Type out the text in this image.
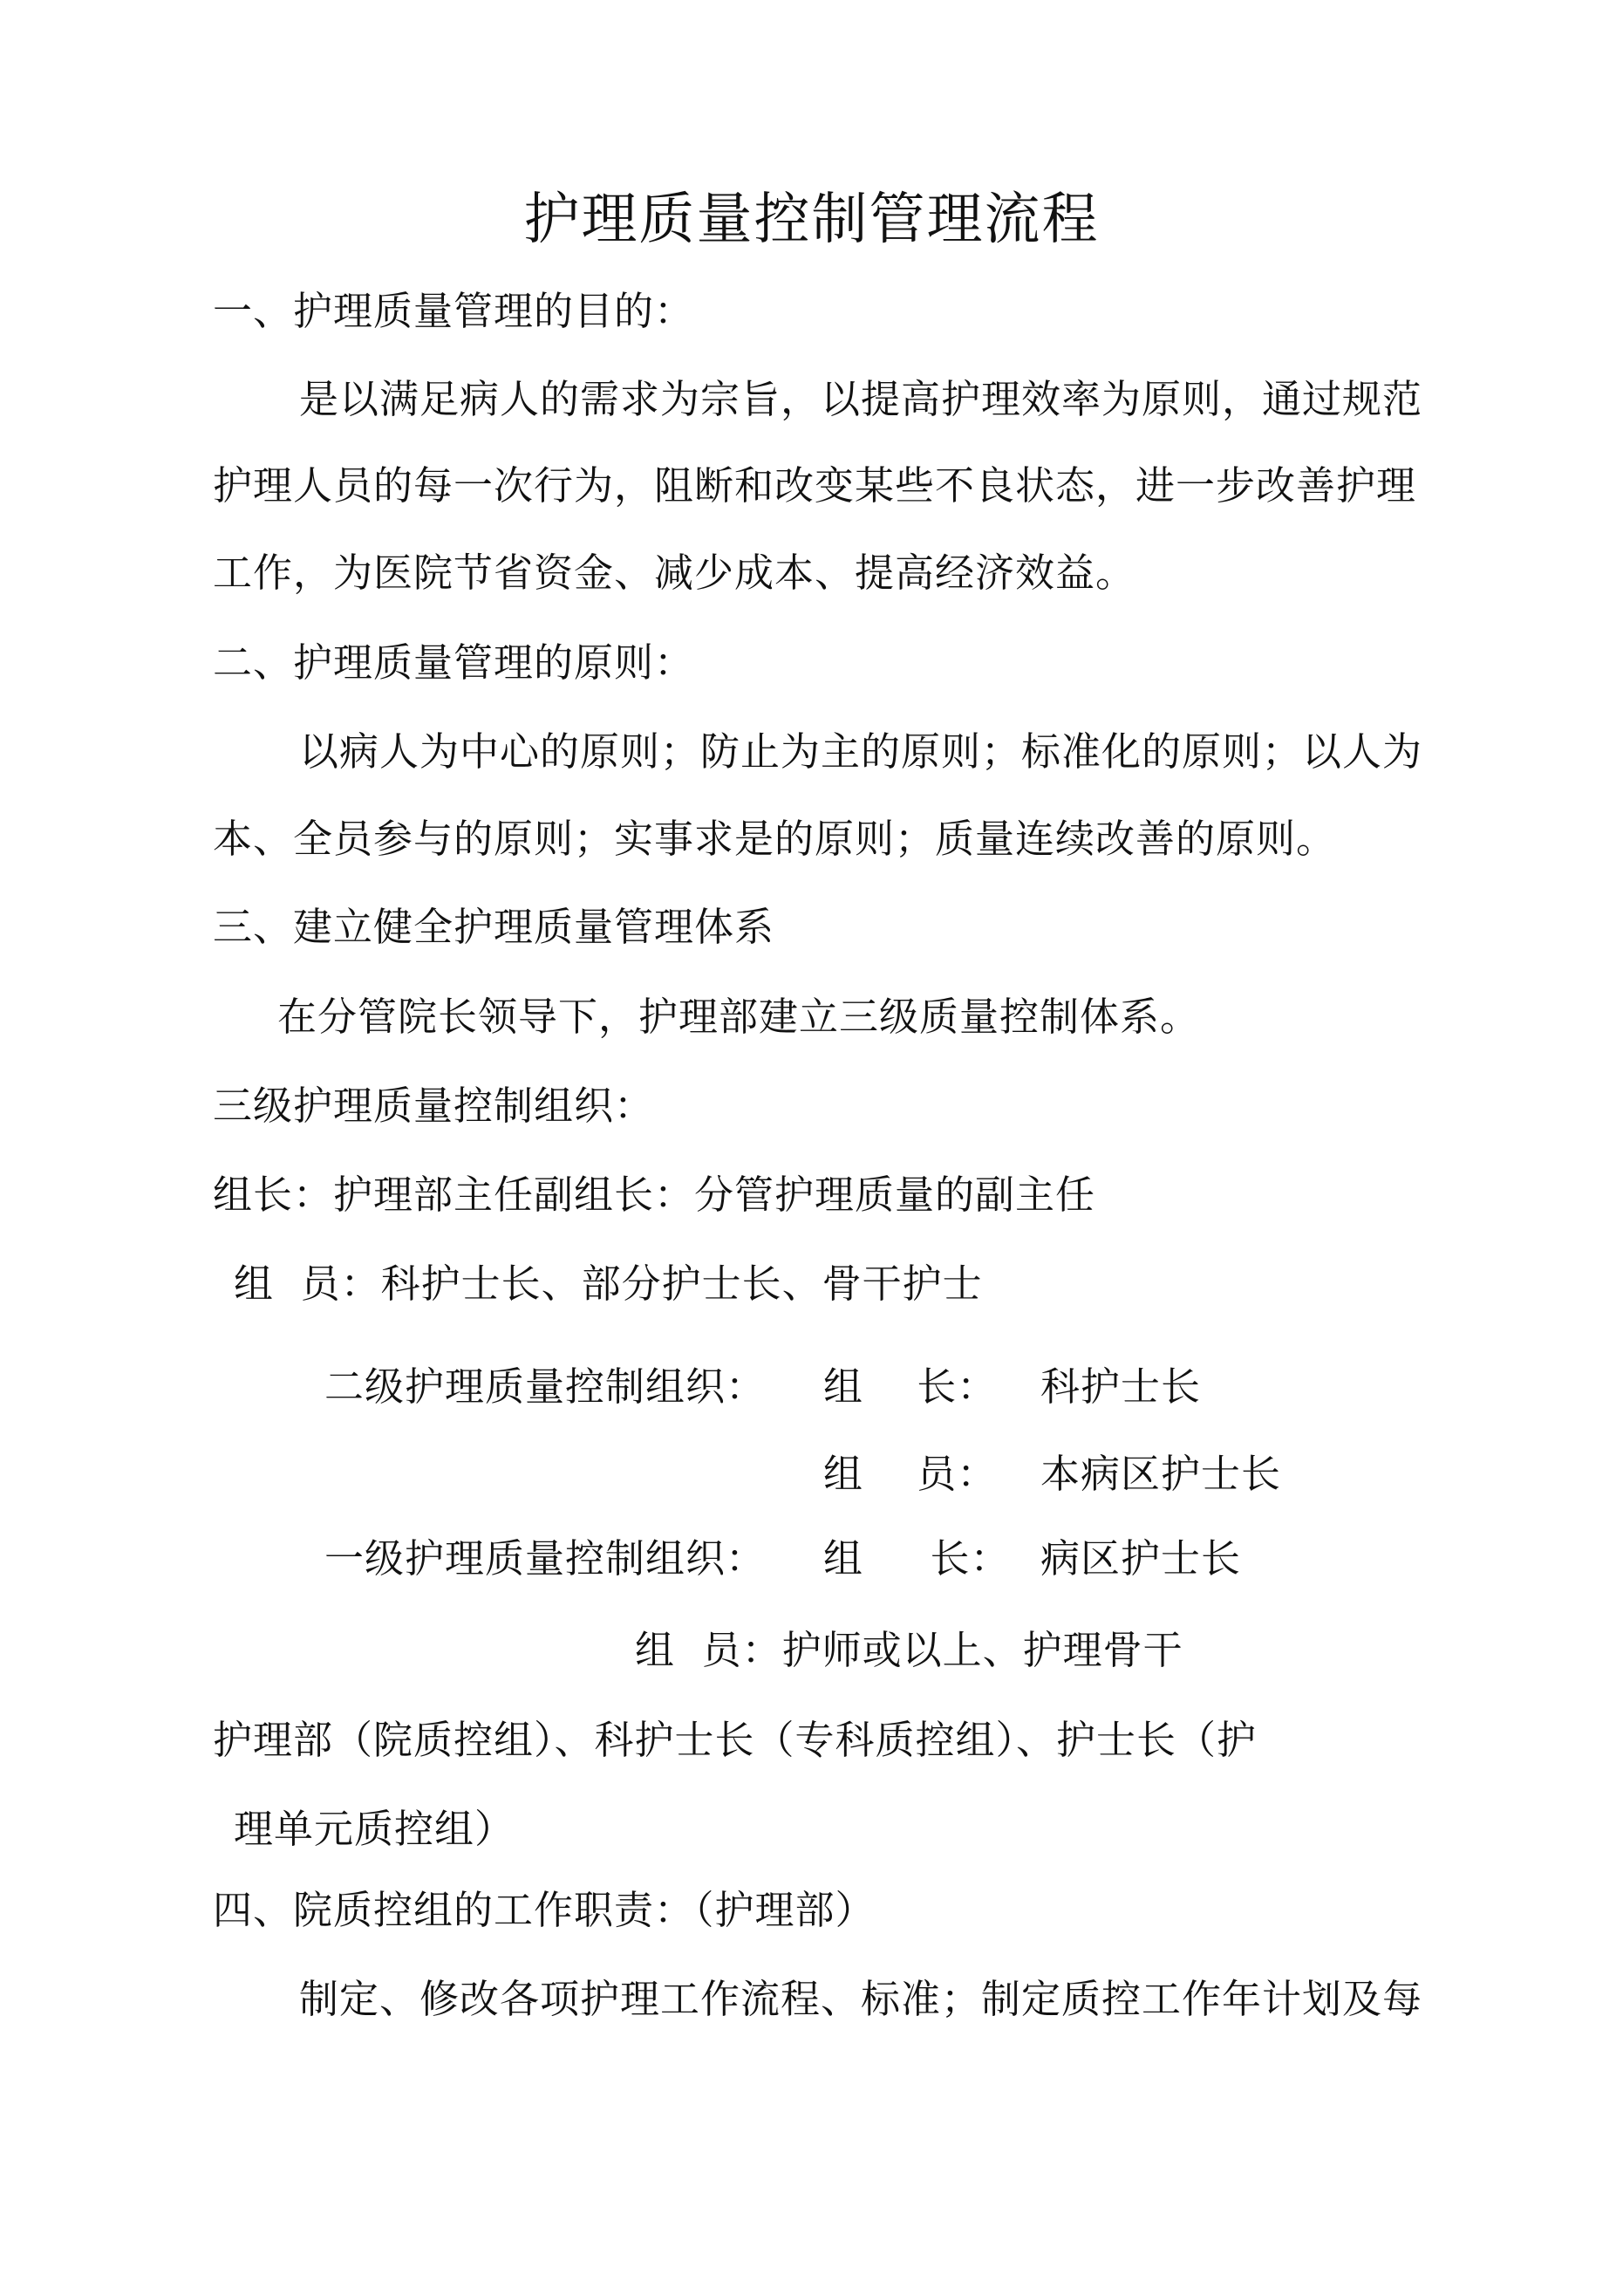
护理质量控制管理流程
一、护理质量管理的目的：
是以满足病人的需求为宗旨，以提高护理效率为原则，通过规范
护理人员的每一次行为，阻断和改变某些不良状态，进一步改善护理
工作，为医院节省资金、减少成本、提高经济效益。
二、护理质量管理的原则：
以病人为中心的原则；防止为主的原则；标准化的原则；以人为
本、全员参与的原则；实事求是的原则；质量连续改善的原则。
三、建立健全护理质量管理体系
在分管院长领导下，护理部建立三级质量控制体系。
三级护理质量控制组织：
组长：护理部主任副组长：分管护理质量的副主任
组  员：科护士长、部分护士长、骨干护士
二级护理质量控制组织： 组    长： 科护士长
组    员： 本病区护士长
一级护理质量控制组织： 组     长： 病区护士长
组  员：护师或以上、护理骨干
护理部（院质控组）、科护士长（专科质控组）、护士长（护
理单元质控组）
四、院质控组的工作职责：（护理部）
制定、修改各项护理工作流程、标准；制定质控工作年计划及每
